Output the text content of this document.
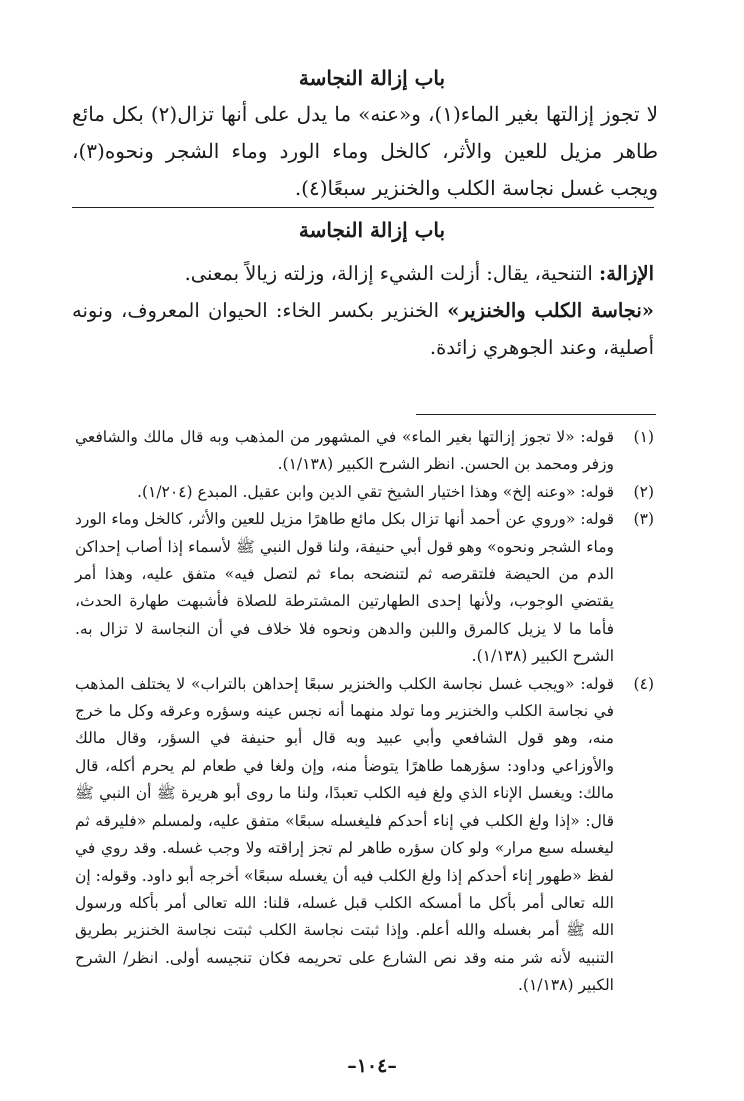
باب إزالة النجاسة
لا تجوز إزالتها بغير الماء(١)، و«عنه» ما يدل على أنها تزال(٢) بكل مائع طاهر مزيل للعين والأثر، كالخل وماء الورد وماء الشجر ونحوه(٣)، ويجب غسل نجاسة الكلب والخنزير سبعًا(٤).
باب إزالة النجاسة
الإزالة: التنحية، يقال: أزلت الشيء إزالة، وزلته زيالاً بمعنى.
«نجاسة الكلب والخنزير» الخنزير بكسر الخاء: الحيوان المعروف، ونونه أصلية، وعند الجوهري زائدة.
(١)
قوله: «لا تجوز إزالتها بغير الماء» في المشهور من المذهب وبه قال مالك والشافعي وزفر ومحمد بن الحسن. انظر الشرح الكبير (١/١٣٨).
(٢)
قوله: «وعنه إلخ» وهذا اختيار الشيخ تقي الدين وابن عقيل. المبدع (١/٢٠٤).
(٣)
قوله: «وروي عن أحمد أنها تزال بكل مائع طاهرًا مزيل للعين والأثر، كالخل وماء الورد وماء الشجر ونحوه» وهو قول أبي حنيفة، ولنا قول النبي ﷺ لأسماء إذا أصاب إحداكن الدم من الحيضة فلتقرصه ثم لتنضحه بماء ثم لتصل فيه» متفق عليه، وهذا أمر يقتضي الوجوب، ولأنها إحدى الطهارتين المشترطة للصلاة فأشبهت طهارة الحدث، فأما ما لا يزيل كالمرق واللبن والدهن ونحوه فلا خلاف في أن النجاسة لا تزال به. الشرح الكبير (١/١٣٨).
(٤)
قوله: «ويجب غسل نجاسة الكلب والخنزير سبعًا إحداهن بالتراب» لا يختلف المذهب في نجاسة الكلب والخنزير وما تولد منهما أنه نجس عينه وسؤره وعرقه وكل ما خرج منه، وهو قول الشافعي وأبي عبيد وبه قال أبو حنيفة في السؤر، وقال مالك والأوزاعي وداود: سؤرهما طاهرًا يتوضأ منه، وإن ولغا في طعام لم يحرم أكله، قال مالك: ويغسل الإناء الذي ولغ فيه الكلب تعبدًا، ولنا ما روى أبو هريرة ﷺ أن النبي ﷺ قال: «إذا ولغ الكلب في إناء أحدكم فليغسله سبعًا» متفق عليه، ولمسلم «فليرقه ثم ليغسله سبع مرار» ولو كان سؤره طاهر لم تجز إراقته ولا وجب غسله. وقد روي في لفظ «طهور إناء أحدكم إذا ولغ الكلب فيه أن يغسله سبعًا» أخرجه أبو داود. وقوله: إن الله تعالى أمر بأكل ما أمسكه الكلب قبل غسله، قلنا: الله تعالى أمر بأكله ورسول الله ﷺ أمر بغسله والله أعلم. وإذا ثبتت نجاسة الكلب ثبتت نجاسة الخنزير بطريق التنبيه لأنه شر منه وقد نص الشارع على تحريمه فكان تنجيسه أولى. انظر/ الشرح الكبير (١/١٣٨).
–١٠٤–
